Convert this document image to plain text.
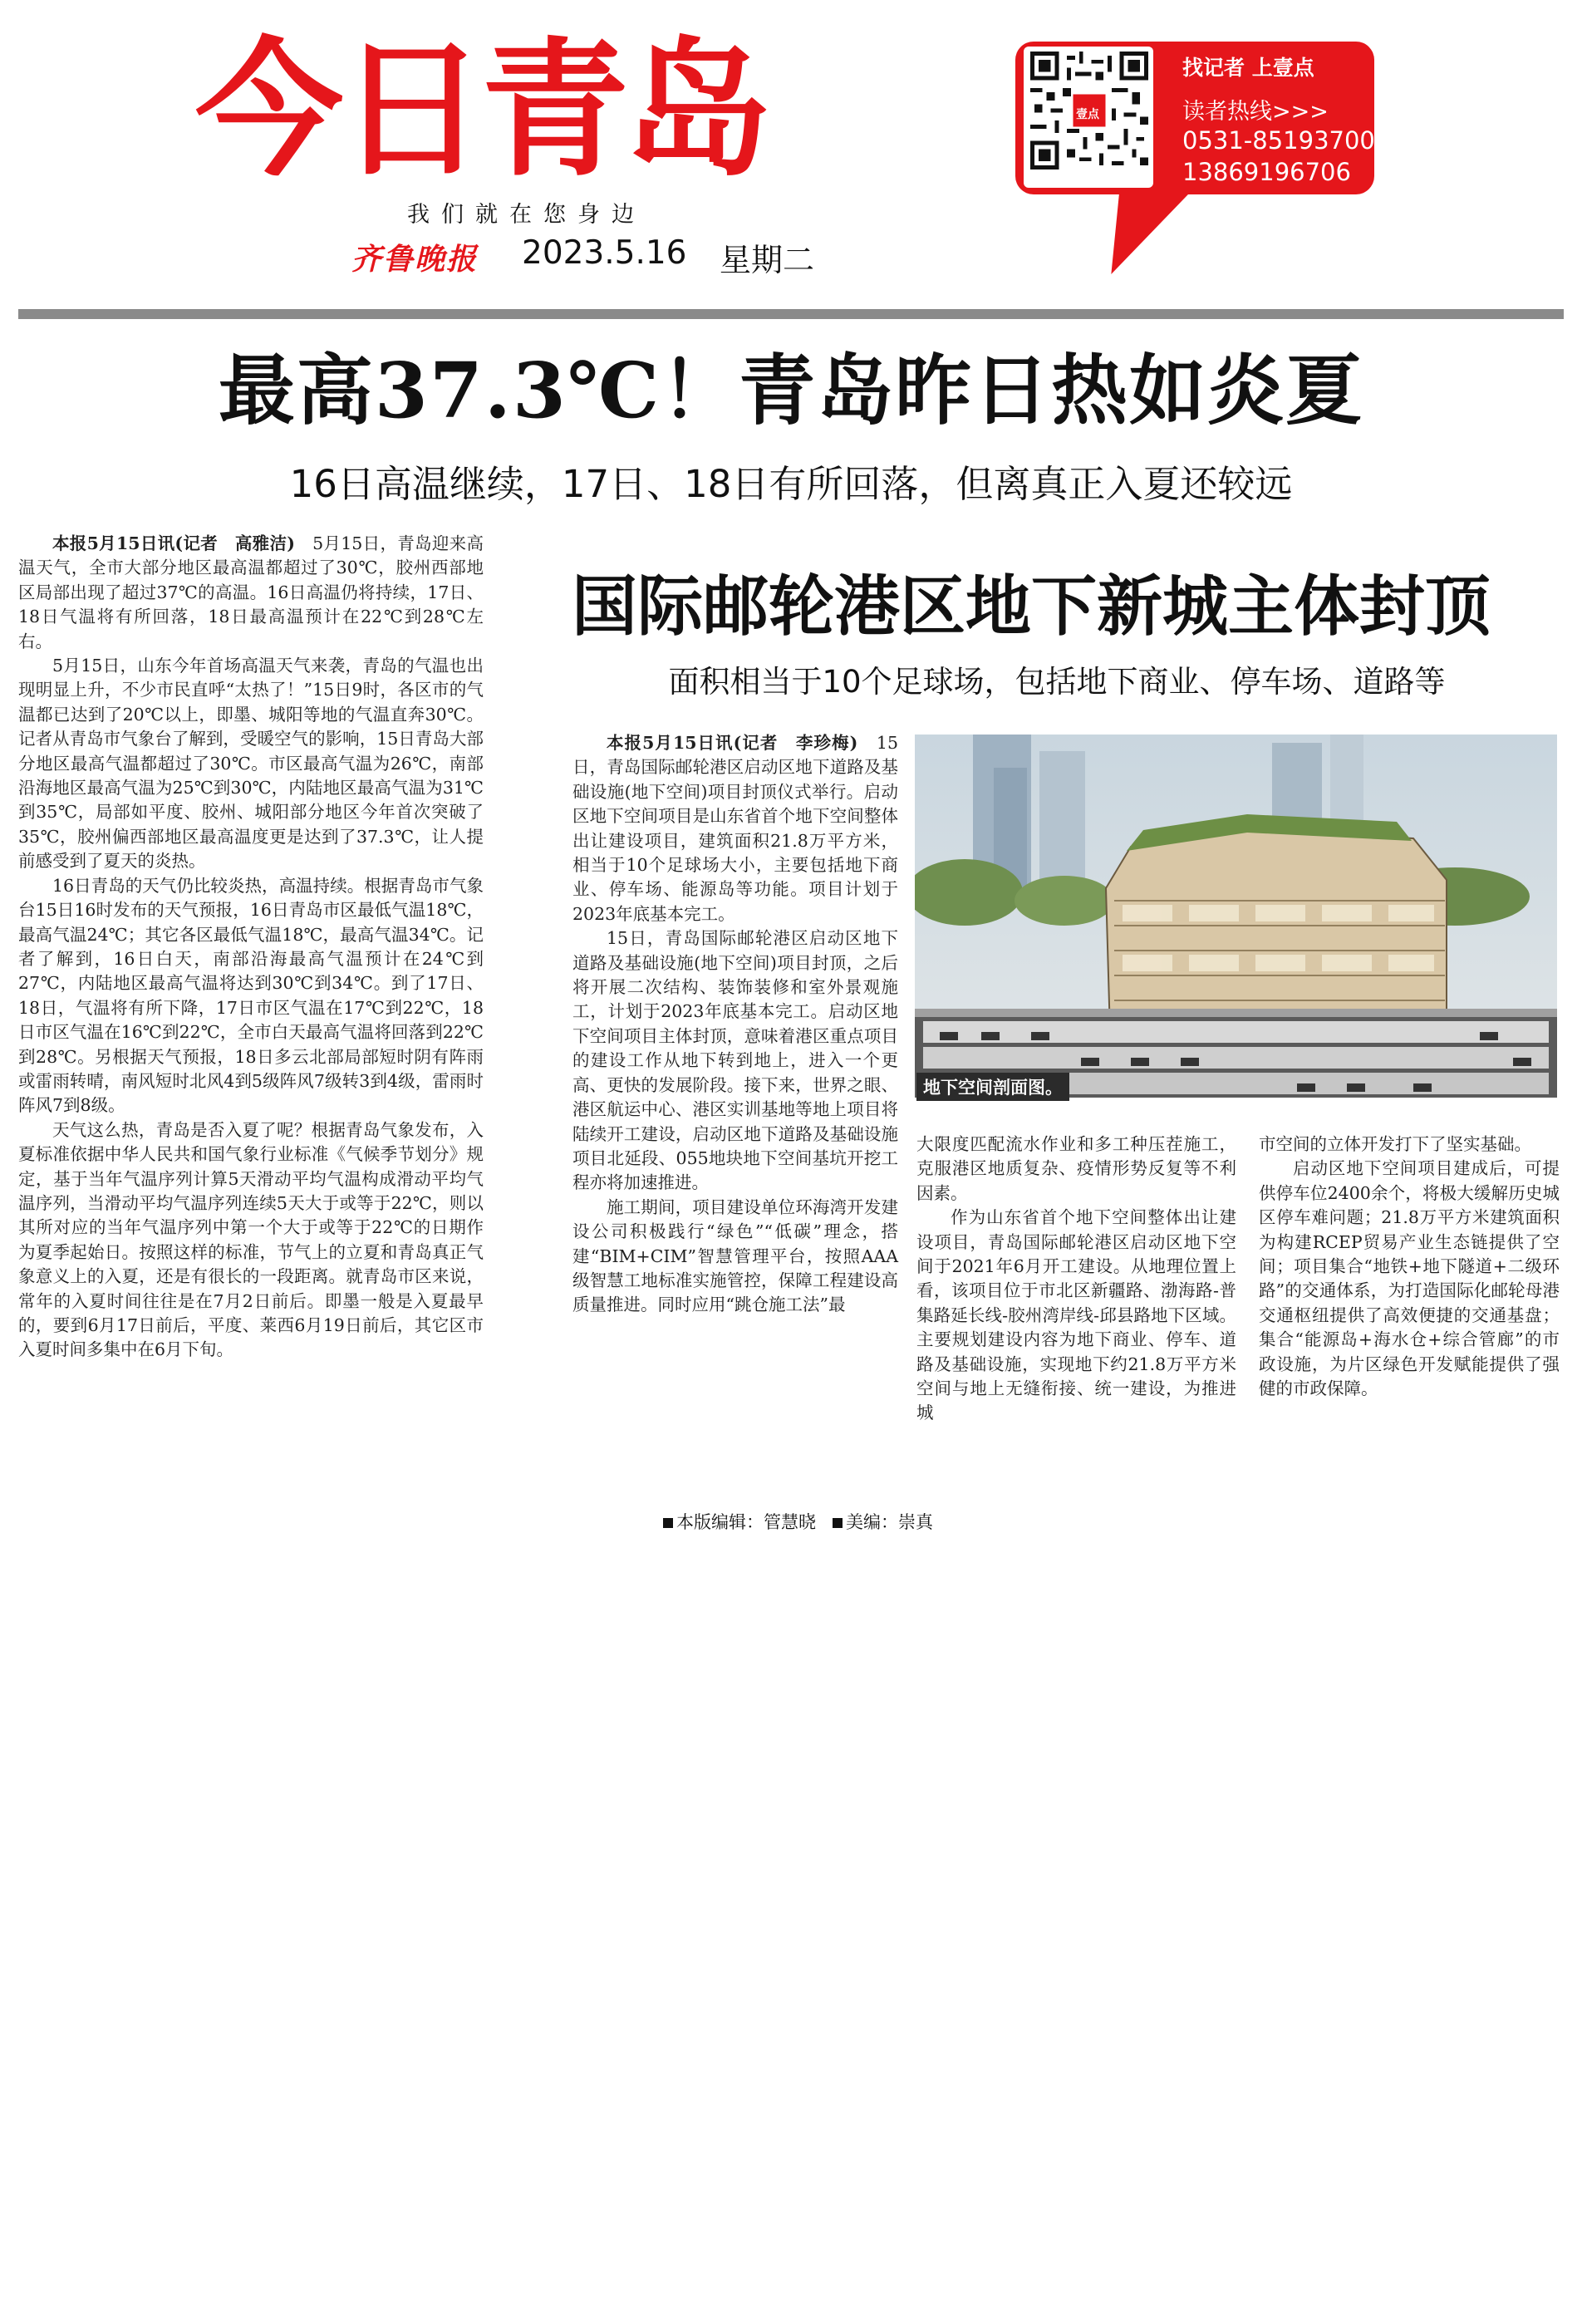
今日青岛
我们就在您身边
齐鲁晚报 2023.5.16 星期二
壹点
找记者 上壹点
读者热线>>>
0531-85193700
13869196706
最高37.3℃！青岛昨日热如炎夏
16日高温继续，17日、18日有所回落，但离真正入夏还较远

本报5月15日讯(记者　高雅洁)　 5月15日，青岛迎来高温天气，全市大部分地区最高温都超过了30℃，胶州西部地区局部出现了超过37℃的高温。16日高温仍将持续，17日、18日气温将有所回落，18日最高温预计在22℃到28℃左右。

5月15日，山东今年首场高温天气来袭，青岛的气温也出现明显上升，不少市民直呼“太热了！”15日9时，各区市的气温都已达到了20℃以上，即墨、城阳等地的气温直奔30℃。记者从青岛市气象台了解到，受暖空气的影响，15日青岛大部分地区最高气温都超过了30℃。市区最高气温为26℃，南部沿海地区最高气温为25℃到30℃，内陆地区最高气温为31℃到35℃，局部如平度、胶州、城阳部分地区今年首次突破了35℃，胶州偏西部地区最高温度更是达到了37.3℃，让人提前感受到了夏天的炎热。

16日青岛的天气仍比较炎热，高温持续。根据青岛市气象台15日16时发布的天气预报，16日青岛市区最低气温18℃，最高气温24℃；其它各区最低气温18℃，最高气温34℃。记者了解到，16日白天，南部沿海最高气温预计在24℃到27℃，内陆地区最高气温将达到30℃到34℃。到了17日、18日，气温将有所下降，17日市区气温在17℃到22℃，18日市区气温在16℃到22℃，全市白天最高气温将回落到22℃到28℃。另根据天气预报，18日多云北部局部短时阴有阵雨或雷雨转晴，南风短时北风4到5级阵风7级转3到4级，雷雨时阵风7到8级。

天气这么热，青岛是否入夏了呢？根据青岛气象发布，入夏标准依据中华人民共和国气象行业标准《气候季节划分》规定，基于当年气温序列计算5天滑动平均气温构成滑动平均气温序列，当滑动平均气温序列连续5天大于或等于22℃，则以其所对应的当年气温序列中第一个大于或等于22℃的日期作为夏季起始日。按照这样的标准，节气上的立夏和青岛真正气象意义上的入夏，还是有很长的一段距离。就青岛市区来说，常年的入夏时间往往是在7月2日前后。即墨一般是入夏最早的，要到6月17日前后，平度、莱西6月19日前后，其它区市入夏时间多集中在6月下旬。

国际邮轮港区地下新城主体封顶
面积相当于10个足球场，包括地下商业、停车场、道路等

本报5月15日讯(记者　李珍梅)　 15日，青岛国际邮轮港区启动区地下道路及基础设施(地下空间)项目封顶仪式举行。启动区地下空间项目是山东省首个地下空间整体出让建设项目，建筑面积21.8万平方米，相当于10个足球场大小，主要包括地下商业、停车场、能源岛等功能。项目计划于2023年底基本完工。

15日，青岛国际邮轮港区启动区地下道路及基础设施(地下空间)项目封顶，之后将开展二次结构、装饰装修和室外景观施工，计划于2023年底基本完工。启动区地下空间项目主体封顶，意味着港区重点项目的建设工作从地下转到地上，进入一个更高、更快的发展阶段。接下来，世界之眼、港区航运中心、港区实训基地等地上项目将陆续开工建设，启动区地下道路及基础设施项目北延段、055地块地下空间基坑开挖工程亦将加速推进。

施工期间，项目建设单位环海湾开发建设公司积极践行“绿色”“低碳”理念，搭建“BIM+CIM”智慧管理平台，按照AAA级智慧工地标准实施管控，保障工程建设高质量推进。同时应用“跳仓施工法”最

地下空间剖面图。

大限度匹配流水作业和多工种压茬施工，克服港区地质复杂、疫情形势反复等不利因素。

作为山东省首个地下空间整体出让建设项目，青岛国际邮轮港区启动区地下空间于2021年6月开工建设。从地理位置上看，该项目位于市北区新疆路、渤海路-普集路延长线-胶州湾岸线-邱县路地下区域。主要规划建设内容为地下商业、停车、道路及基础设施，实现地下约21.8万平方米空间与地上无缝衔接、统一建设，为推进城

市空间的立体开发打下了坚实基础。

启动区地下空间项目建成后，可提供停车位2400余个，将极大缓解历史城区停车难问题；21.8万平方米建筑面积为构建RCEP贸易产业生态链提供了空间；项目集合“地铁+地下隧道+二级环路”的交通体系，为打造国际化邮轮母港交通枢纽提供了高效便捷的交通基盘；集合“能源岛+海水仓+综合管廊”的市政设施，为片区绿色开发赋能提供了强健的市政保障。

本版编辑：管慧晓 美编：崇真
